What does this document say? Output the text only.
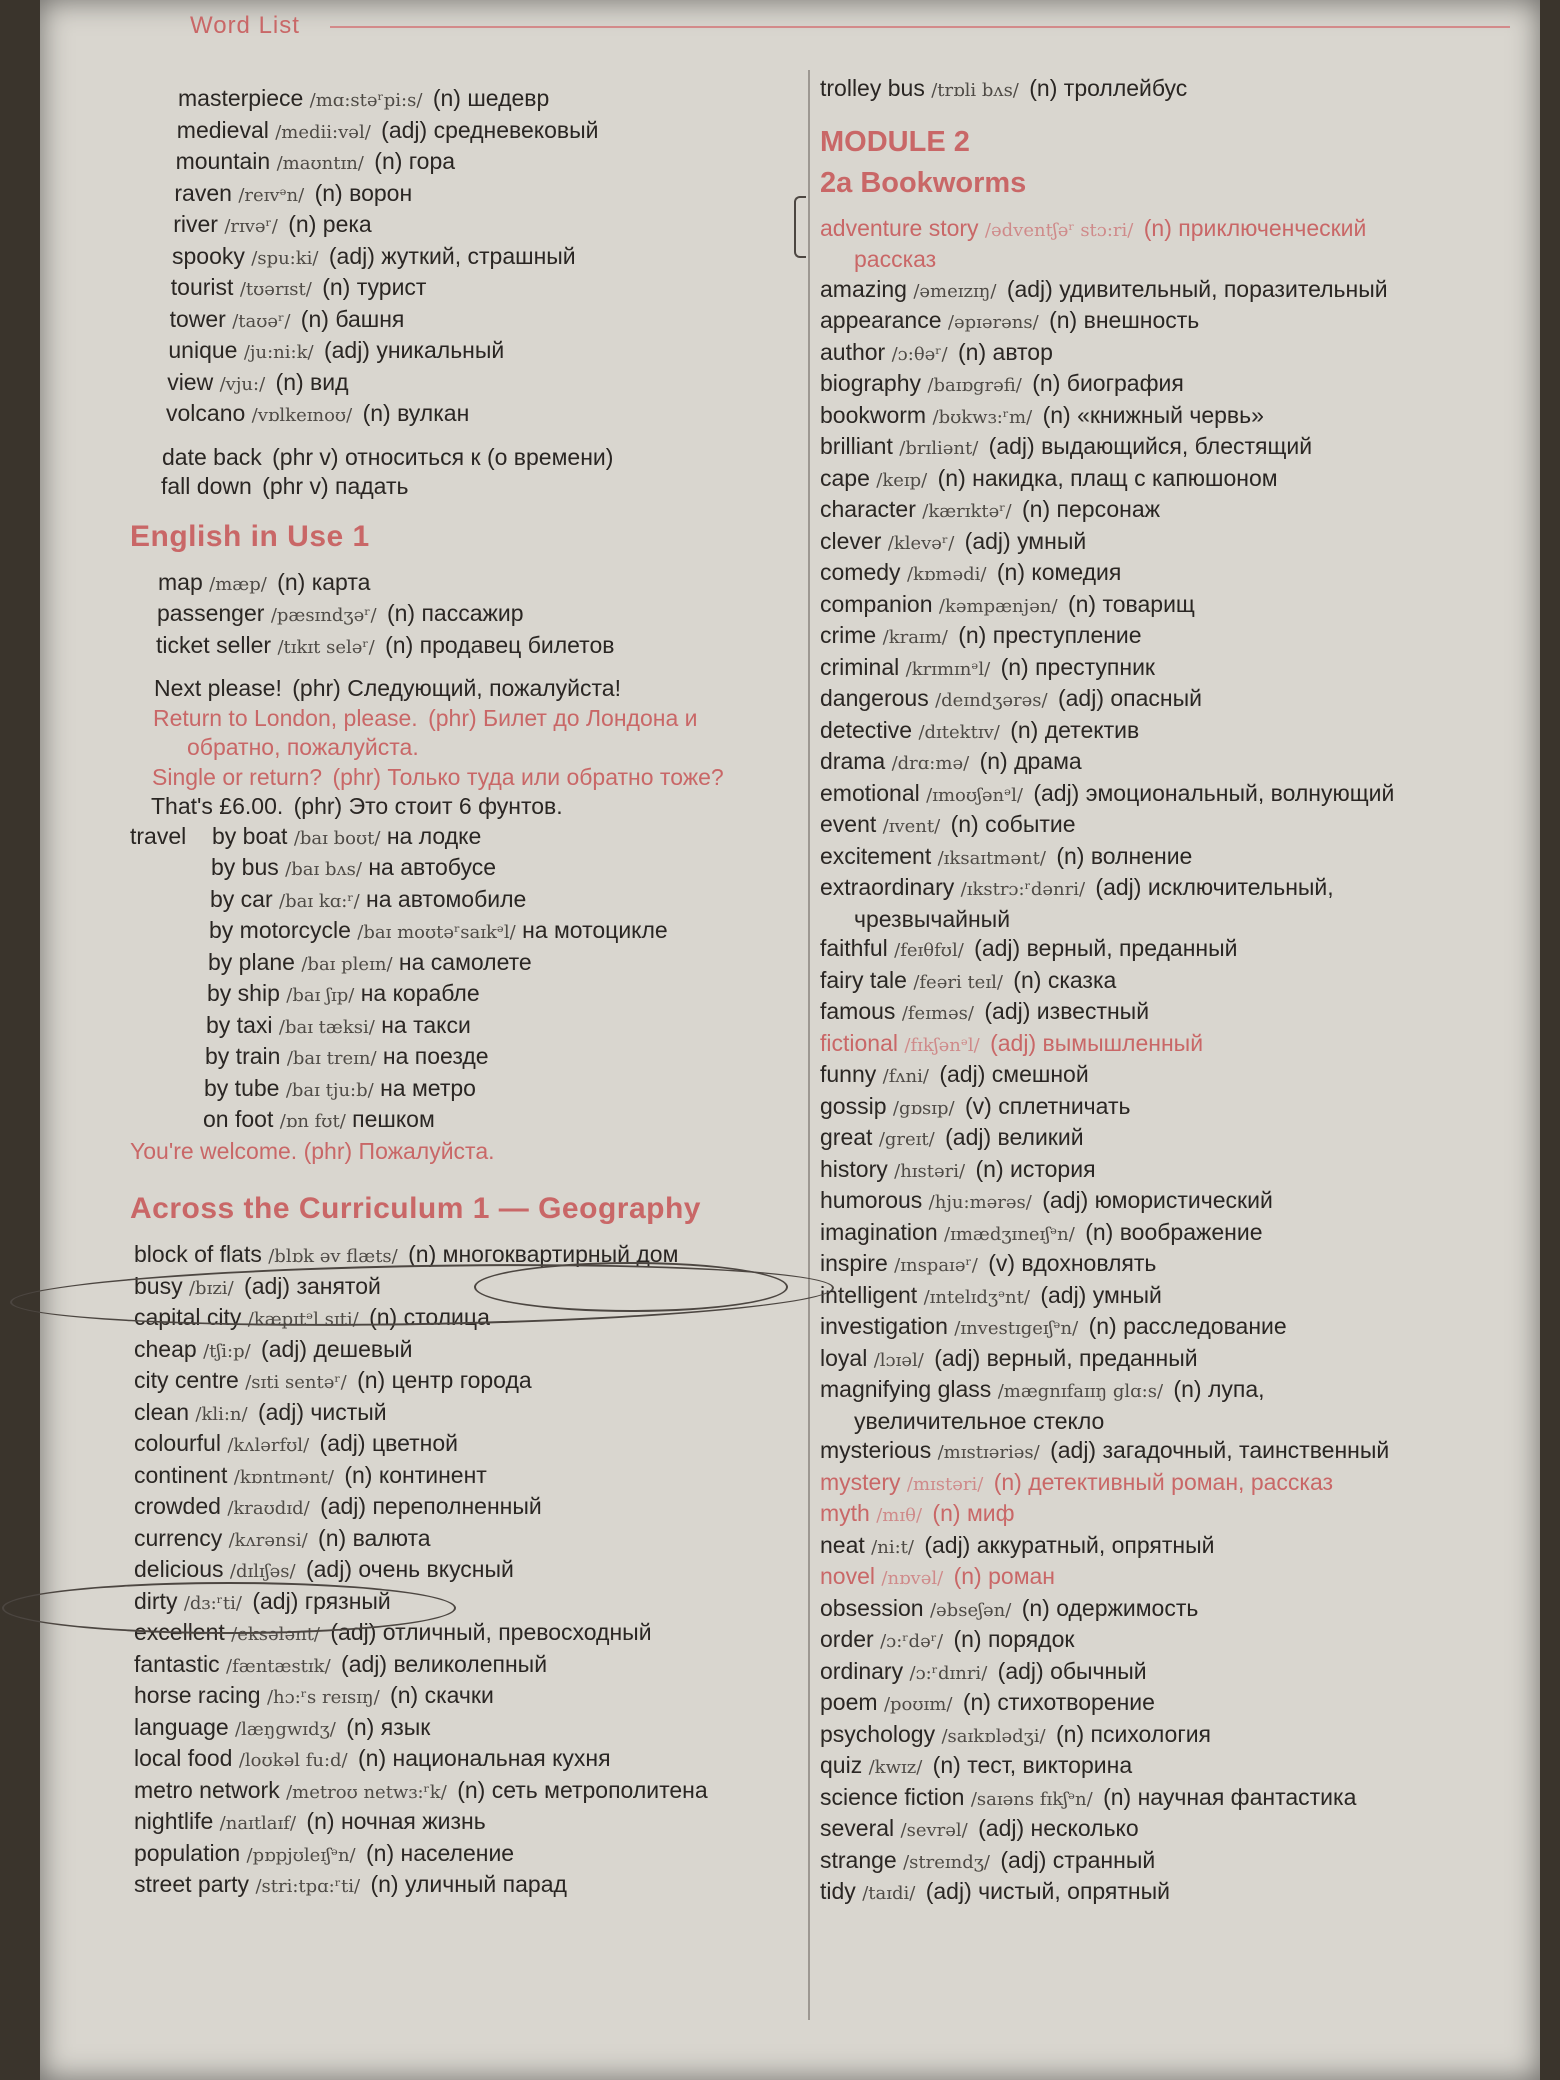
Word List
masterpiece /mɑ:stəʳpi:s/ (n) шедевр
medieval /medii:vəl/ (adj) средневековый
mountain /maʊntɪn/ (n) гора
raven /reɪvᵊn/ (n) ворон
river /rɪvəʳ/ (n) река
spooky /spu:ki/ (adj) жуткий, страшный
tourist /tʊərɪst/ (n) турист
tower /taʊəʳ/ (n) башня
unique /ju:ni:k/ (adj) уникальный
view /vju:/ (n) вид
volcano /vɒlkeɪnoʊ/ (n) вулкан
date back (phr v) относиться к (о времени)
fall down (phr v) падать
English in Use 1
map /mæp/ (n) карта
passenger /pæsɪndʒəʳ/ (n) пассажир
ticket seller /tɪkɪt seləʳ/ (n) продавец билетов
Next please! (phr) Следующий, пожалуйста!
Return to London, please. (phr) Билет до Лондона и
обратно, пожалуйста.
Single or return? (phr) Только туда или обратно тоже?
That's £6.00. (phr) Это стоит 6 фунтов.
travel	by boat /baɪ boʊt/ на лодке
by bus /baɪ bʌs/ на автобусе
by car /baɪ kɑ:ʳ/ на автомобиле
by motorcycle /baɪ moʊtəʳsaɪkᵊl/ на мотоцикле
by plane /baɪ pleɪn/ на самолете
by ship /baɪ ʃɪp/ на корабле
by taxi /baɪ tæksi/ на такси
by train /baɪ treɪn/ на поезде
by tube /baɪ tju:b/ на метро
on foot /ɒn fʊt/ пешком
You're welcome. (phr) Пожалуйста.
Across the Curriculum 1 — Geography
block of flats /blɒk əv flæts/ (n) многоквартирный дом
busy /bɪzi/ (adj) занятой
capital city /kæpɪtᵊl sɪti/ (n) столица
cheap /tʃi:p/ (adj) дешевый
city centre /sɪti sentəʳ/ (n) центр города
clean /kli:n/ (adj) чистый
colourful /kʌlərfʊl/ (adj) цветной
continent /kɒntɪnənt/ (n) континент
crowded /kraʊdɪd/ (adj) переполненный
currency /kʌrənsi/ (n) валюта
delicious /dɪlɪʃəs/ (adj) очень вкусный
dirty /dɜ:ʳti/ (adj) грязный
excellent /eksələnt/ (adj) отличный, превосходный
fantastic /fæntæstɪk/ (adj) великолепный
horse racing /hɔ:ʳs reɪsɪŋ/ (n) скачки
language /læŋgwɪdʒ/ (n) язык
local food /loʊkəl fu:d/ (n) национальная кухня
metro network /metroʊ netwɜ:ʳk/ (n) сеть метрополитена
nightlife /naɪtlaɪf/ (n) ночная жизнь
population /pɒpjʊleɪʃᵊn/ (n) население
street party /stri:tpɑ:ʳti/ (n) уличный парад
trolley bus /trɒli bʌs/ (n) троллейбус
MODULE 2
2a Bookworms
adventure story /ədventʃəʳ stɔ:ri/ (n) приключенческий
рассказ
amazing /əmeɪzɪŋ/ (adj) удивительный, поразительный
appearance /əpɪərəns/ (n) внешность
author /ɔ:θəʳ/ (n) автор
biography /baɪɒgrəfi/ (n) биография
bookworm /bʊkwɜ:ʳm/ (n) «книжный червь»
brilliant /brɪliənt/ (adj) выдающийся, блестящий
cape /keɪp/ (n) накидка, плащ с капюшоном
character /kærɪktəʳ/ (n) персонаж
clever /klevəʳ/ (adj) умный
comedy /kɒmədi/ (n) комедия
companion /kəmpænjən/ (n) товарищ
crime /kraɪm/ (n) преступление
criminal /krɪmɪnᵊl/ (n) преступник
dangerous /deɪndʒərəs/ (adj) опасный
detective /dɪtektɪv/ (n) детектив
drama /drɑ:mə/ (n) драма
emotional /ɪmoʊʃənᵊl/ (adj) эмоциональный, волнующий
event /ɪvent/ (n) событие
excitement /ɪksaɪtmənt/ (n) волнение
extraordinary /ɪkstrɔ:ʳdənri/ (adj) исключительный,
чрезвычайный
faithful /feɪθfʊl/ (adj) верный, преданный
fairy tale /feəri teɪl/ (n) сказка
famous /feɪməs/ (adj) известный
fictional /fɪkʃənᵊl/ (adj) вымышленный
funny /fʌni/ (adj) смешной
gossip /gɒsɪp/ (v) сплетничать
great /greɪt/ (adj) великий
history /hɪstəri/ (n) история
humorous /hju:mərəs/ (adj) юмористический
imagination /ɪmædʒɪneɪʃᵊn/ (n) воображение
inspire /ɪnspaɪəʳ/ (v) вдохновлять
intelligent /ɪntelɪdʒᵊnt/ (adj) умный
investigation /ɪnvestɪgeɪʃᵊn/ (n) расследование
loyal /lɔɪəl/ (adj) верный, преданный
magnifying glass /mægnɪfaɪɪŋ glɑ:s/ (n) лупа,
увеличительное стекло
mysterious /mɪstɪəriəs/ (adj) загадочный, таинственный
mystery /mɪstəri/ (n) детективный роман, рассказ
myth /mɪθ/ (n) миф
neat /ni:t/ (adj) аккуратный, опрятный
novel /nɒvəl/ (n) роман
obsession /əbseʃən/ (n) одержимость
order /ɔ:ʳdəʳ/ (n) порядок
ordinary /ɔ:ʳdɪnri/ (adj) обычный
poem /poʊɪm/ (n) стихотворение
psychology /saɪkɒlədʒi/ (n) психология
quiz /kwɪz/ (n) тест, викторина
science fiction /saɪəns fɪkʃᵊn/ (n) научная фантастика
several /sevrəl/ (adj) несколько
strange /streɪndʒ/ (adj) странный
tidy /taɪdi/ (adj) чистый, опрятный
